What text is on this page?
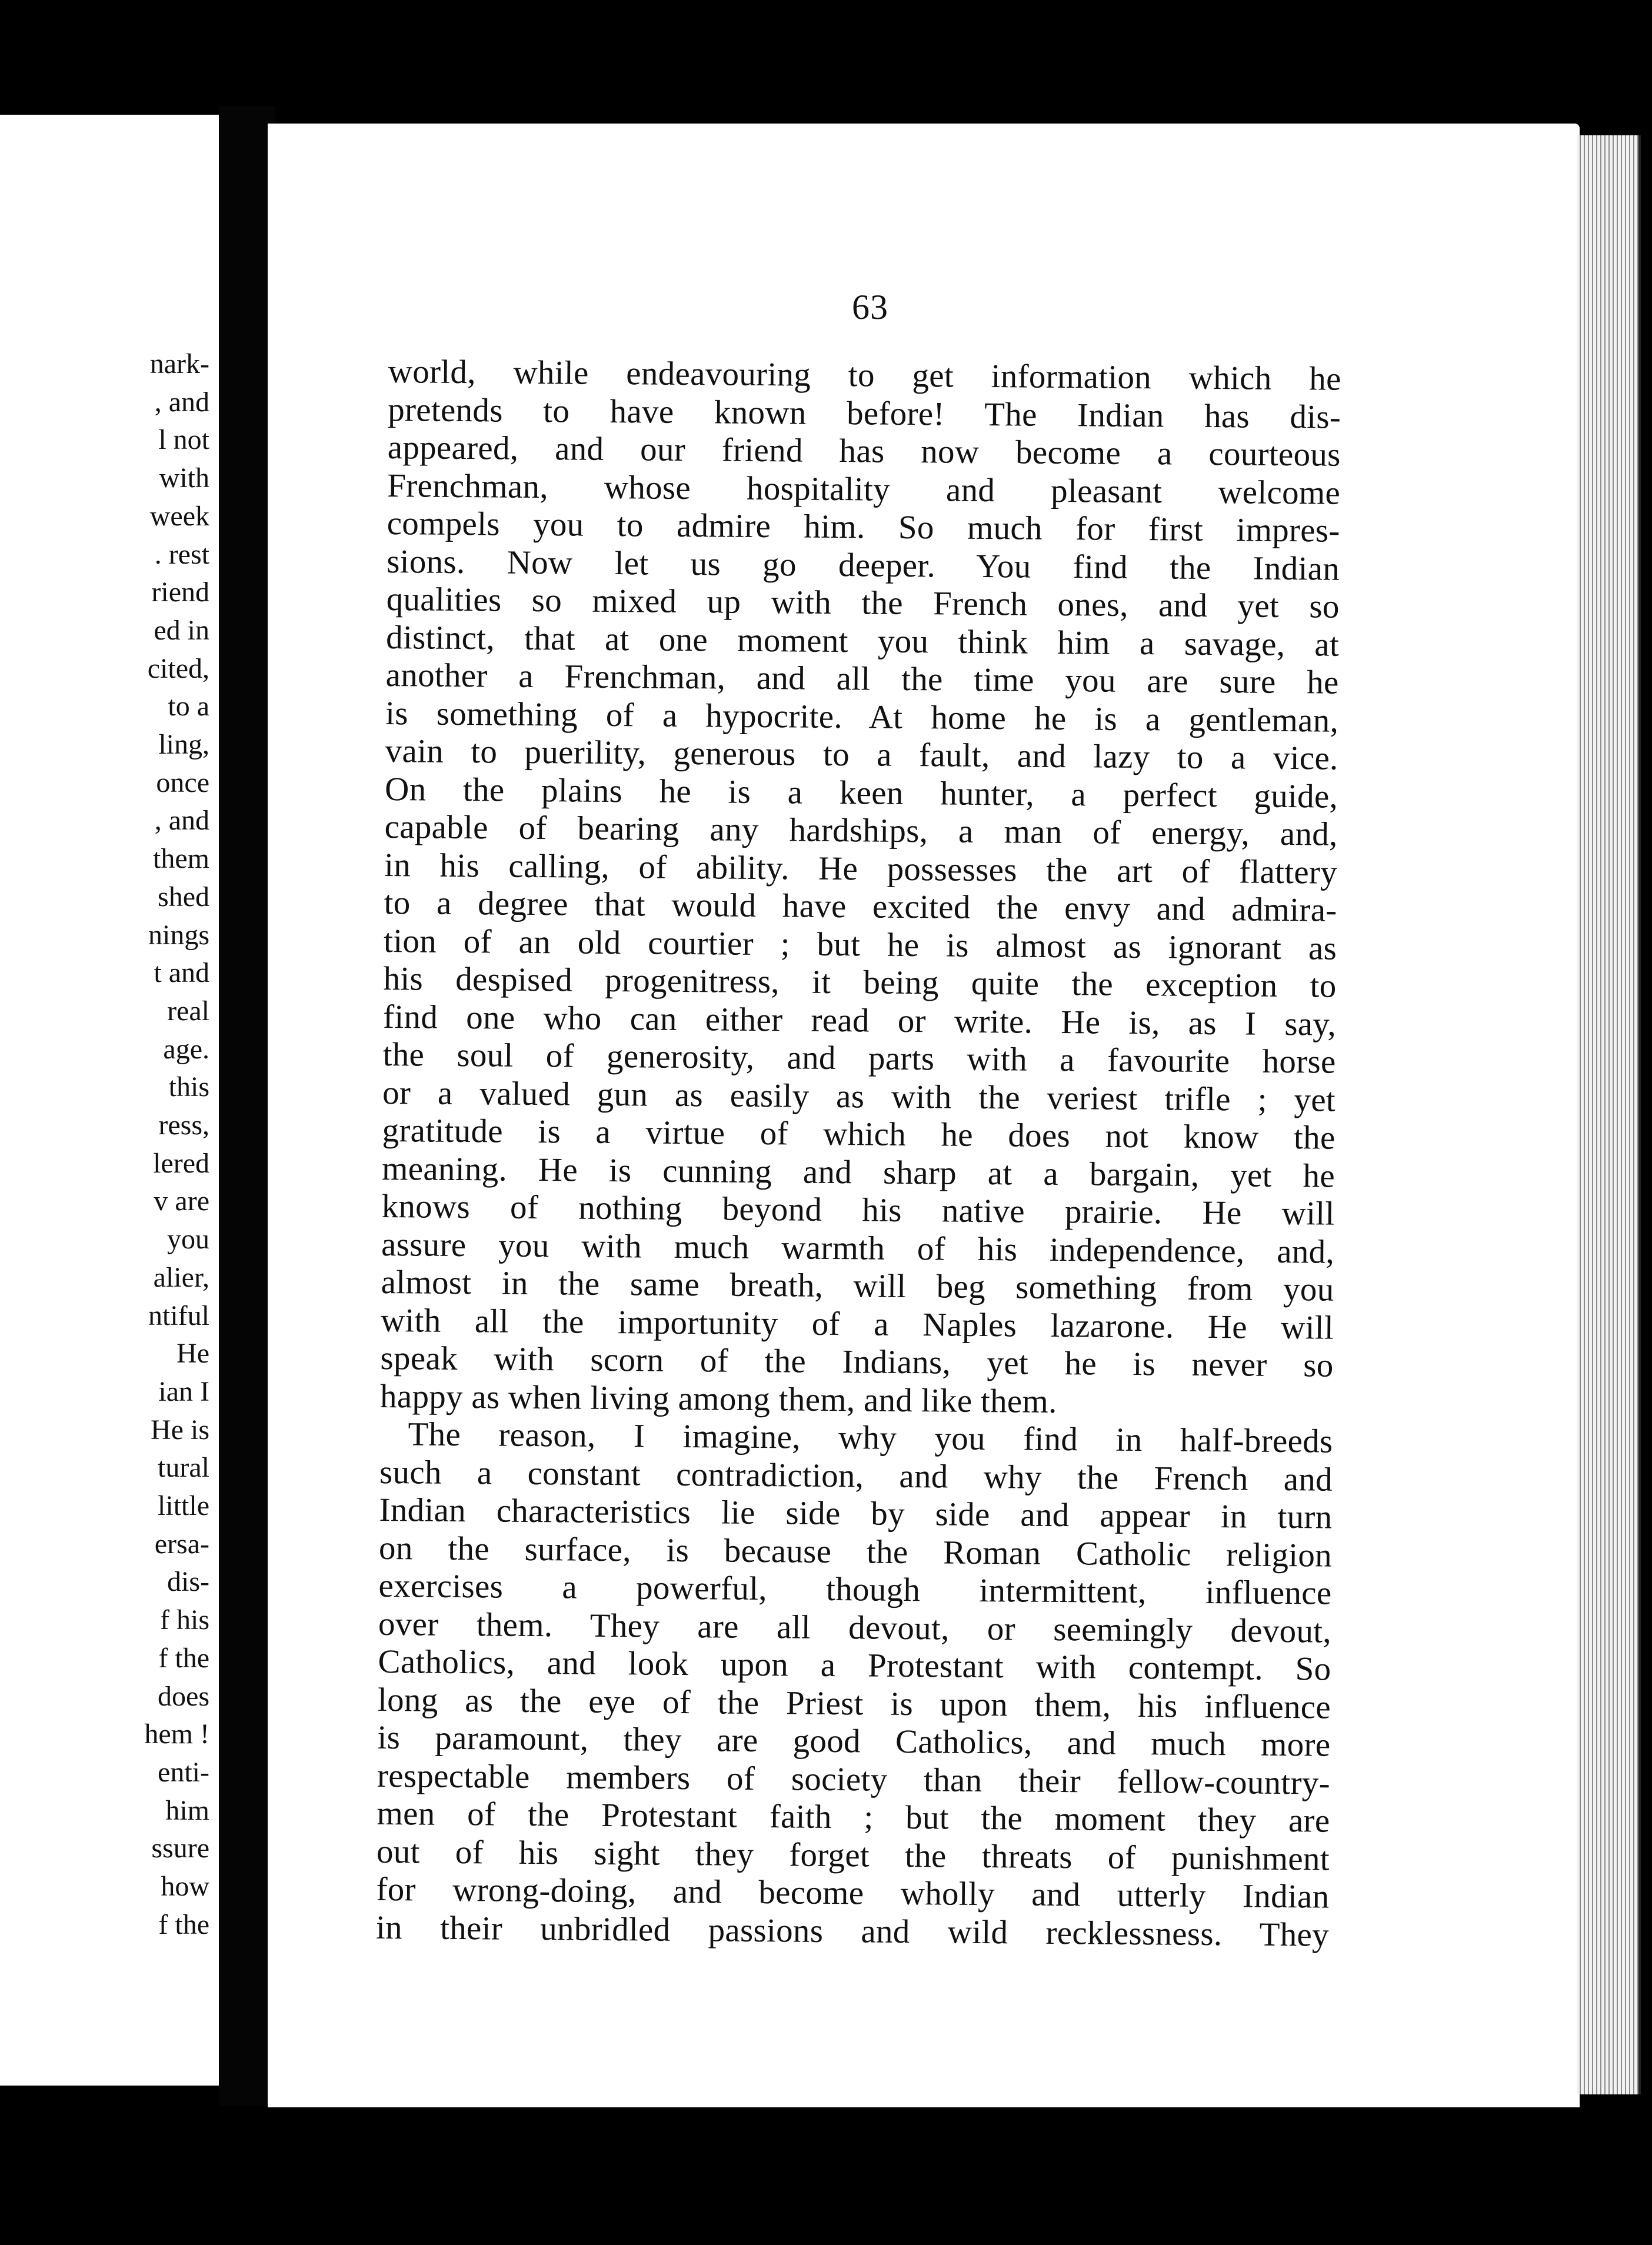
nark-
, and
l not
with
week
. rest
riend
ed in
cited,
to a
ling,
once
, and
them
shed
nings
t and
real
age.
this
ress,
lered
v are
you
alier,
ntiful
He
ian I
He is
tural
little
ersa-
dis-
f his
f the
does
hem !
enti-
him
ssure
how
f the
63
world, while endeavouring to get information which he
pretends to have known before! The Indian has dis-
appeared, and our friend has now become a courteous
Frenchman, whose hospitality and pleasant welcome
compels you to admire him. So much for first impres-
sions. Now let us go deeper. You find the Indian
qualities so mixed up with the French ones, and yet so
distinct, that at one moment you think him a savage, at
another a Frenchman, and all the time you are sure he
is something of a hypocrite. At home he is a gentleman,
vain to puerility, generous to a fault, and lazy to a vice.
On the plains he is a keen hunter, a perfect guide,
capable of bearing any hardships, a man of energy, and,
in his calling, of ability. He possesses the art of flattery
to a degree that would have excited the envy and admira-
tion of an old courtier ; but he is almost as ignorant as
his despised progenitress, it being quite the exception to
find one who can either read or write. He is, as I say,
the soul of generosity, and parts with a favourite horse
or a valued gun as easily as with the veriest trifle ; yet
gratitude is a virtue of which he does not know the
meaning. He is cunning and sharp at a bargain, yet he
knows of nothing beyond his native prairie. He will
assure you with much warmth of his independence, and,
almost in the same breath, will beg something from you
with all the importunity of a Naples lazarone. He will
speak with scorn of the Indians, yet he is never so
happy as when living among them, and like them.
The reason, I imagine, why you find in half-breeds
such a constant contradiction, and why the French and
Indian characteristics lie side by side and appear in turn
on the surface, is because the Roman Catholic religion
exercises a powerful, though intermittent, influence
over them. They are all devout, or seemingly devout,
Catholics, and look upon a Protestant with contempt. So
long as the eye of the Priest is upon them, his influence
is paramount, they are good Catholics, and much more
respectable members of society than their fellow-country-
men of the Protestant faith ; but the moment they are
out of his sight they forget the threats of punishment
for wrong-doing, and become wholly and utterly Indian
in their unbridled passions and wild recklessness. They
